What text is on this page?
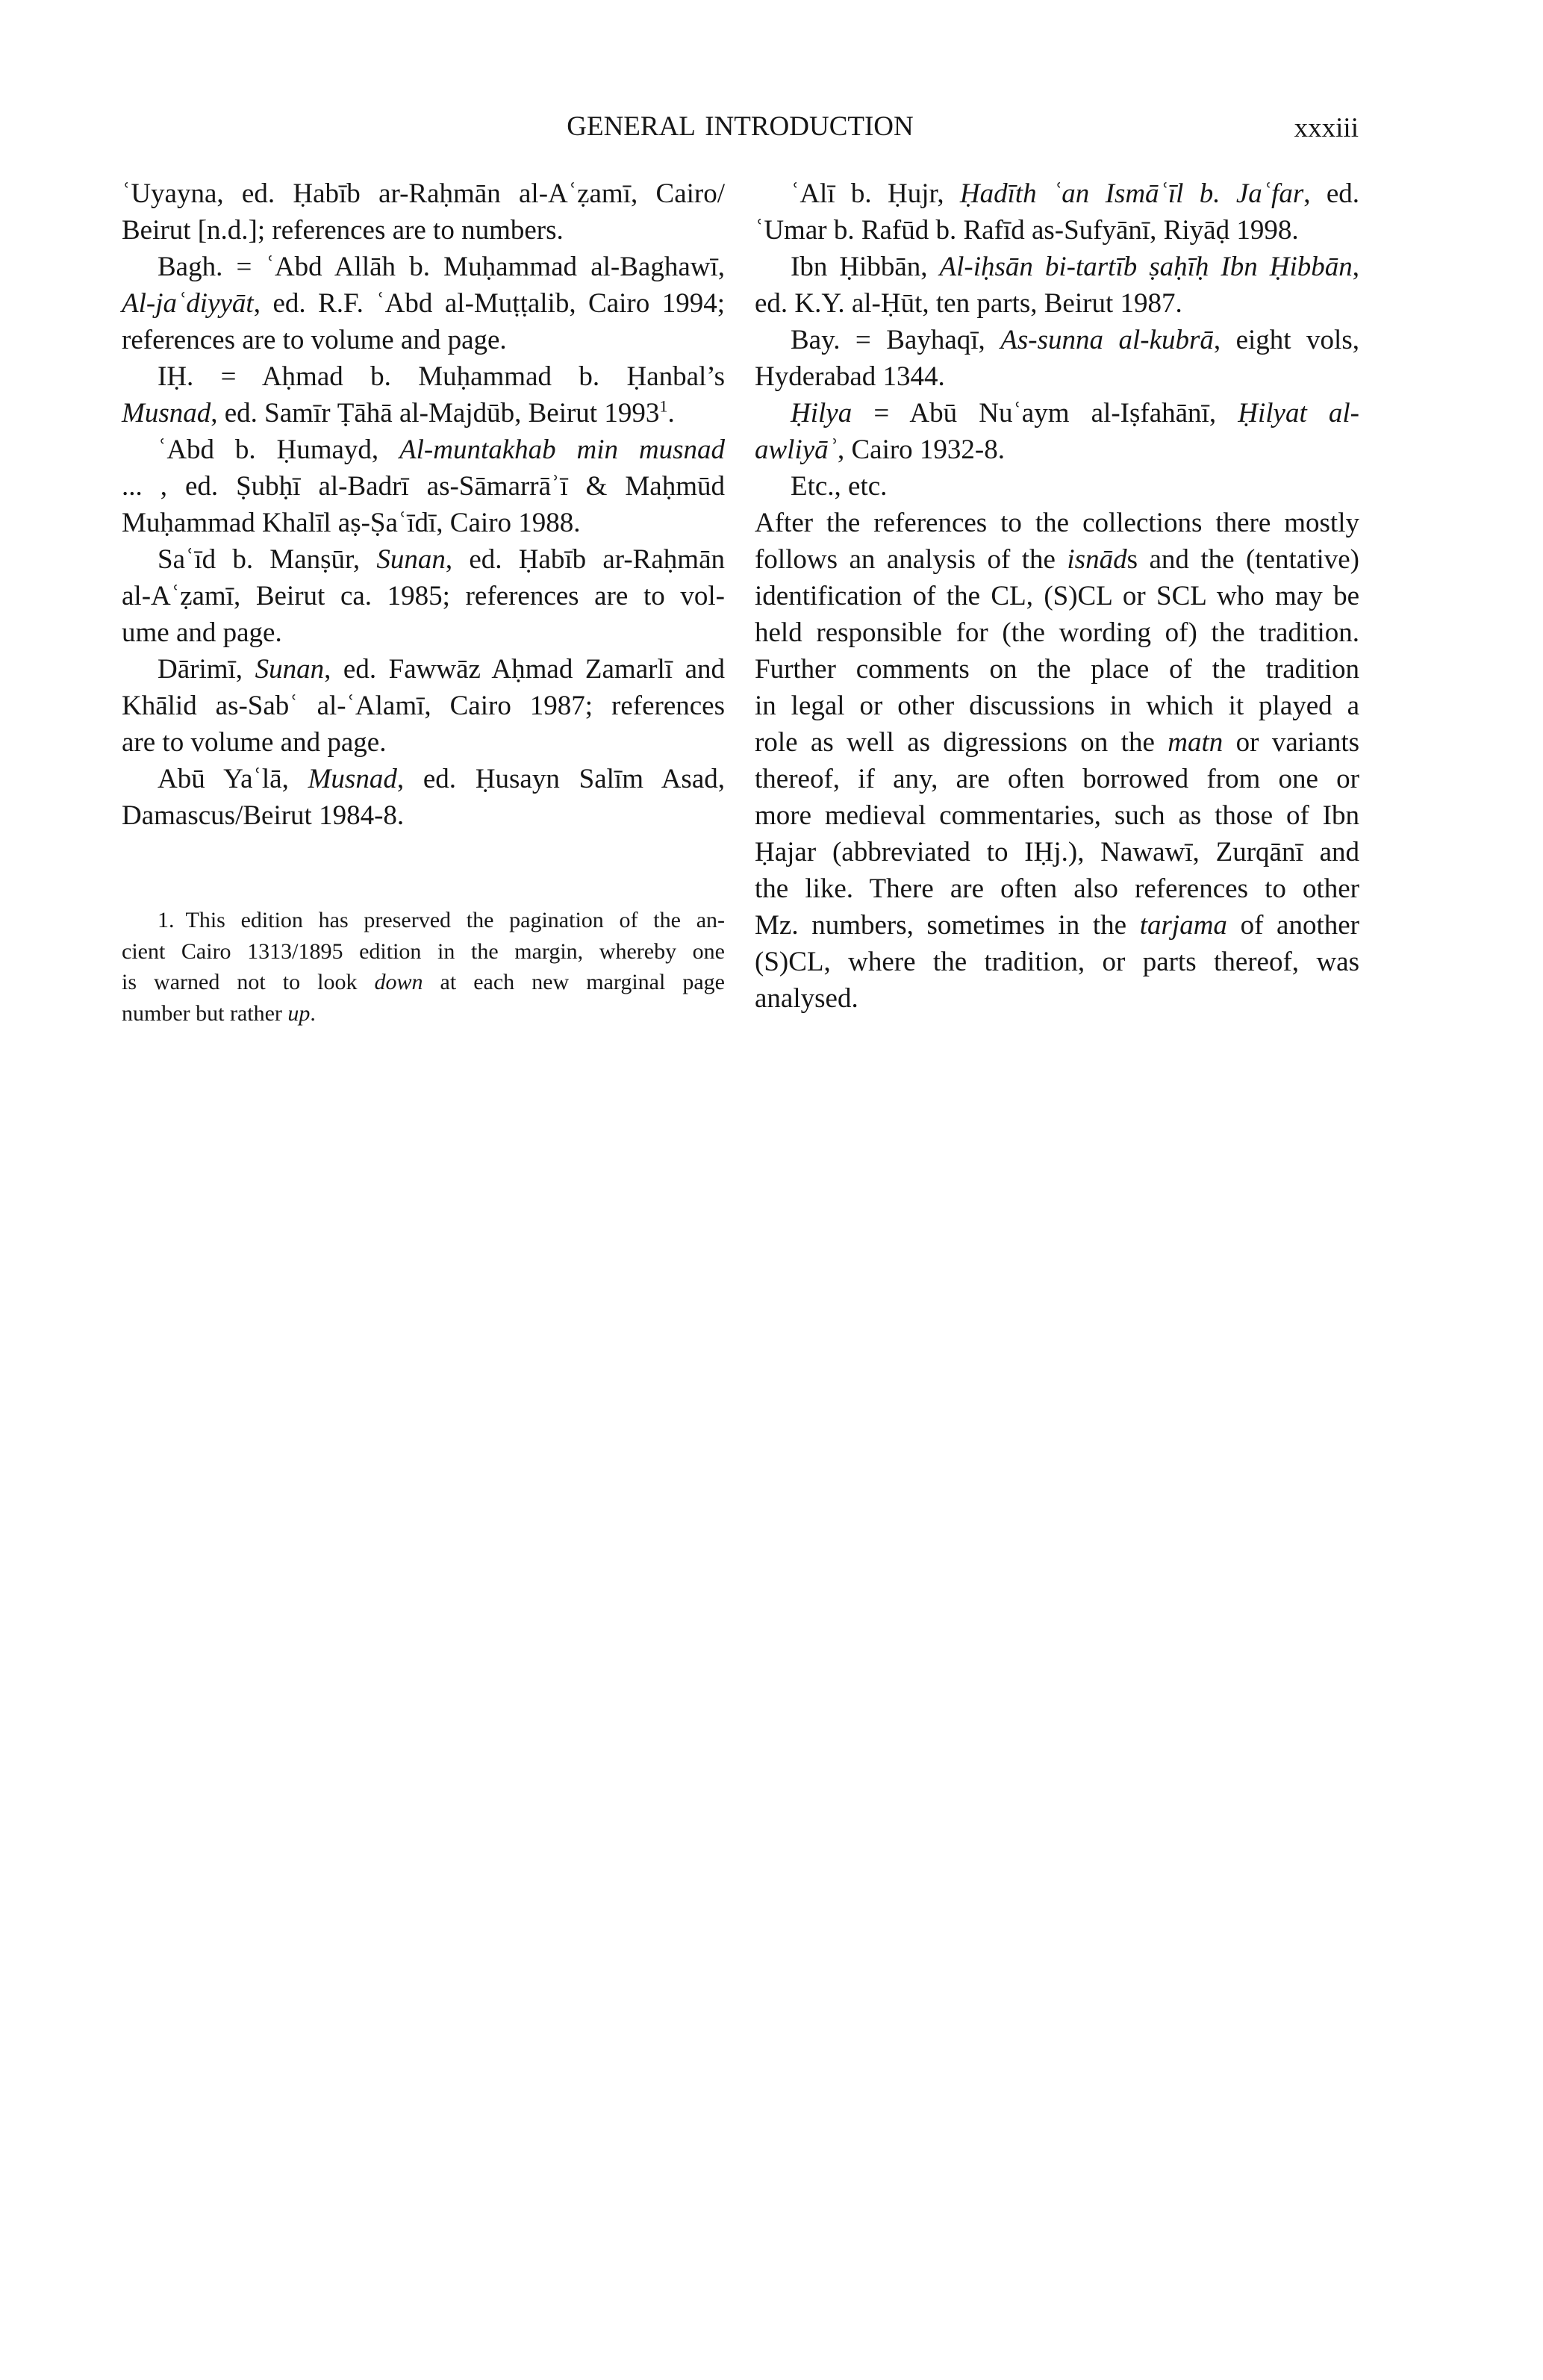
GENERAL INTRODUCTION	xxxiii
ʿUyayna, ed. Ḥabīb ar-Raḥmān al-Aʿẓamī, Cairo/
Beirut [n.d.]; references are to numbers.
Bagh. = ʿAbd Allāh b. Muḥammad al-Baghawī,
Al-jaʿdiyyāt, ed. R.F. ʿAbd al-Muṭṭalib, Cairo 1994;
references are to volume and page.
IḤ. = Aḥmad b. Muḥammad b. Ḥanbal’s
Musnad, ed. Samīr Ṭāhā al-Majdūb, Beirut 1993$^1$.
ʿAbd b. Ḥumayd, Al-muntakhab min musnad
... , ed. Ṣubḥī al-Badrī as-Sāmarrāʾī & Maḥmūd
Muḥammad Khalīl aṣ-Ṣaʿīdī, Cairo 1988.
Saʿīd b. Manṣūr, Sunan, ed. Ḥabīb ar-Raḥmān
al-Aʿẓamī, Beirut ca. 1985; references are to vol-
ume and page.
Dārimī, Sunan, ed. Fawwāz Aḥmad Zamarlī and
Khālid as-Sabʿ al-ʿAlamī, Cairo 1987; references
are to volume and page.
Abū Yaʿlā, Musnad, ed. Ḥusayn Salīm Asad,
Damascus/Beirut 1984-8.
ʿAlī b. Ḥujr, Ḥadīth ʿan Ismāʿīl b. Jaʿfar, ed.
ʿUmar b. Rafūd b. Rafīd as-Sufyānī, Riyāḍ 1998.
Ibn Ḥibbān, Al-iḥsān bi-tartīb ṣaḥīḥ Ibn Ḥibbān,
ed. K.Y. al-Ḥūt, ten parts, Beirut 1987.
Bay. = Bayhaqī, As-sunna al-kubrā, eight vols,
Hyderabad 1344.
Ḥilya = Abū Nuʿaym al-Iṣfahānī, Ḥilyat al-
awliyāʾ, Cairo 1932-8.
Etc., etc.
After the references to the collections there mostly
follows an analysis of the isnāds and the (tentative)
identification of the CL, (S)CL or SCL who may be
held responsible for (the wording of) the tradition.
Further comments on the place of the tradition
in legal or other discussions in which it played a
role as well as digressions on the matn or variants
thereof, if any, are often borrowed from one or
more medieval commentaries, such as those of Ibn
Ḥajar (abbreviated to IḤj.), Nawawī, Zurqānī and
the like. There are often also references to other
Mz. numbers, sometimes in the tarjama of another
(S)CL, where the tradition, or parts thereof, was
analysed.
1. This edition has preserved the pagination of the an-
cient Cairo 1313/1895 edition in the margin, whereby one
is warned not to look down at each new marginal page
number but rather up.
